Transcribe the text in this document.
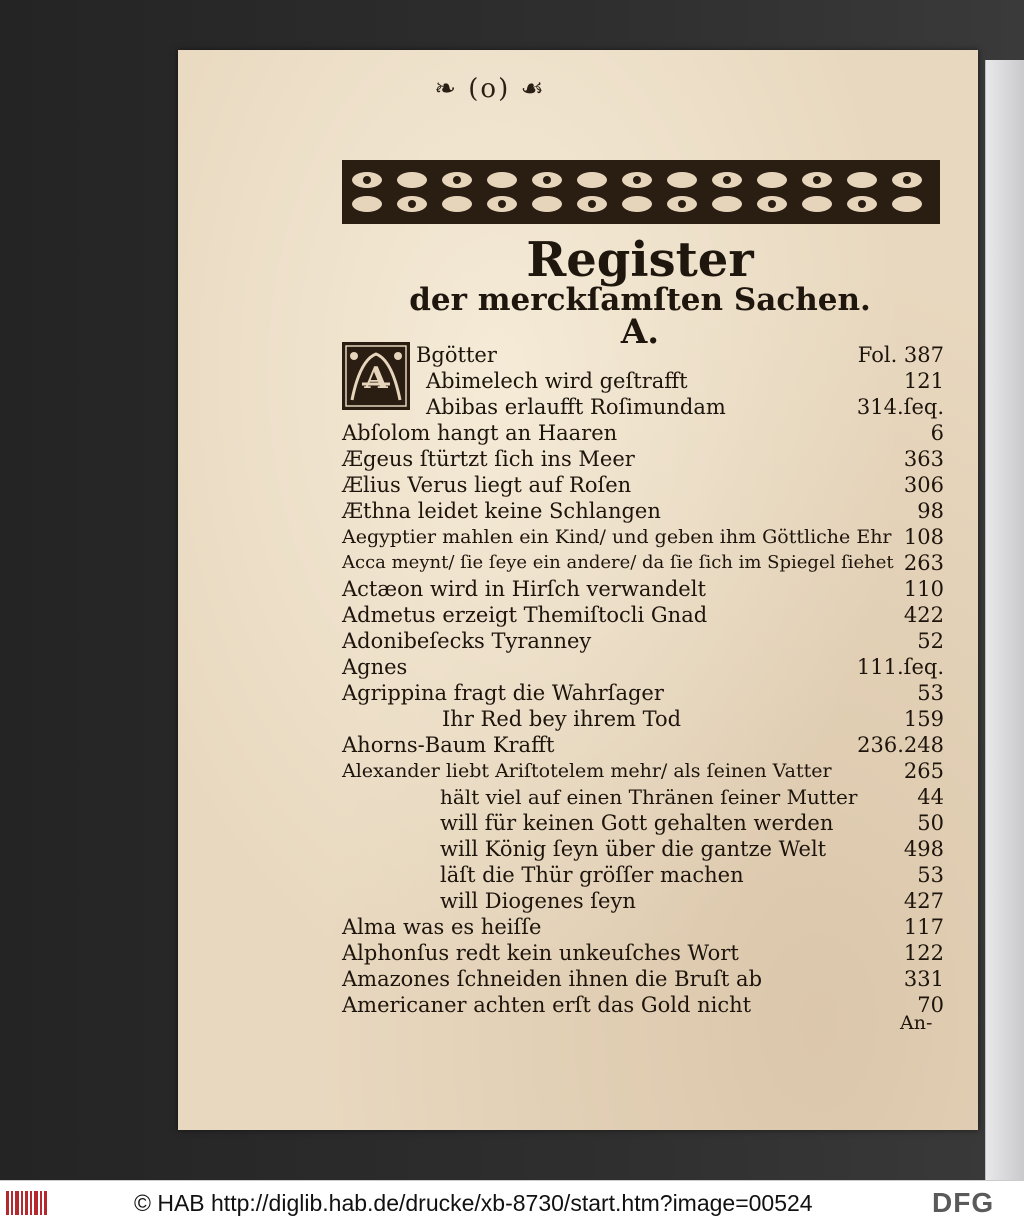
❧ (o) ☙
Register
der merckſamſten Sachen.
A.
A
Bgötter	Fol. 387
Abimelech wird geſtrafft	121
Abibas erlaufft Roſimundam	314.ſeq.
Abſolom hangt an Haaren	6
Ægeus ſtürtzt ſich ins Meer	363
Ælius Verus liegt auf Roſen	306
Æthna leidet keine Schlangen	98
Aegyptier mahlen ein Kind/ und geben ihm Göttliche Ehr 108
Acca meynt/ ſie ſeye ein andere/ da ſie ſich im Spiegel ſiehet 263
Actæon wird in Hirſch verwandelt	110
Admetus erzeigt Themiſtocli Gnad	422
Adonibeſecks Tyranney	52
Agnes	111.ſeq.
Agrippina fragt die Wahrſager	53
Ihr Red bey ihrem Tod	159
Ahorns-Baum Krafft	236.248
Alexander liebt Ariſtotelem mehr/ als ſeinen Vatter	265
hält viel auf einen Thränen ſeiner Mutter	44
will für keinen Gott gehalten werden	50
will König ſeyn über die gantze Welt	498
läſt die Thür gröſſer machen	53
will Diogenes ſeyn	427
Alma was es heiſſe	117
Alphonſus redt kein unkeuſches Wort	122
Amazones ſchneiden ihnen die Bruſt ab	331
Americaner achten erſt das Gold nicht	70
An-
© HAB http://diglib.hab.de/drucke/xb-8730/start.htm?image=00524	DFG
